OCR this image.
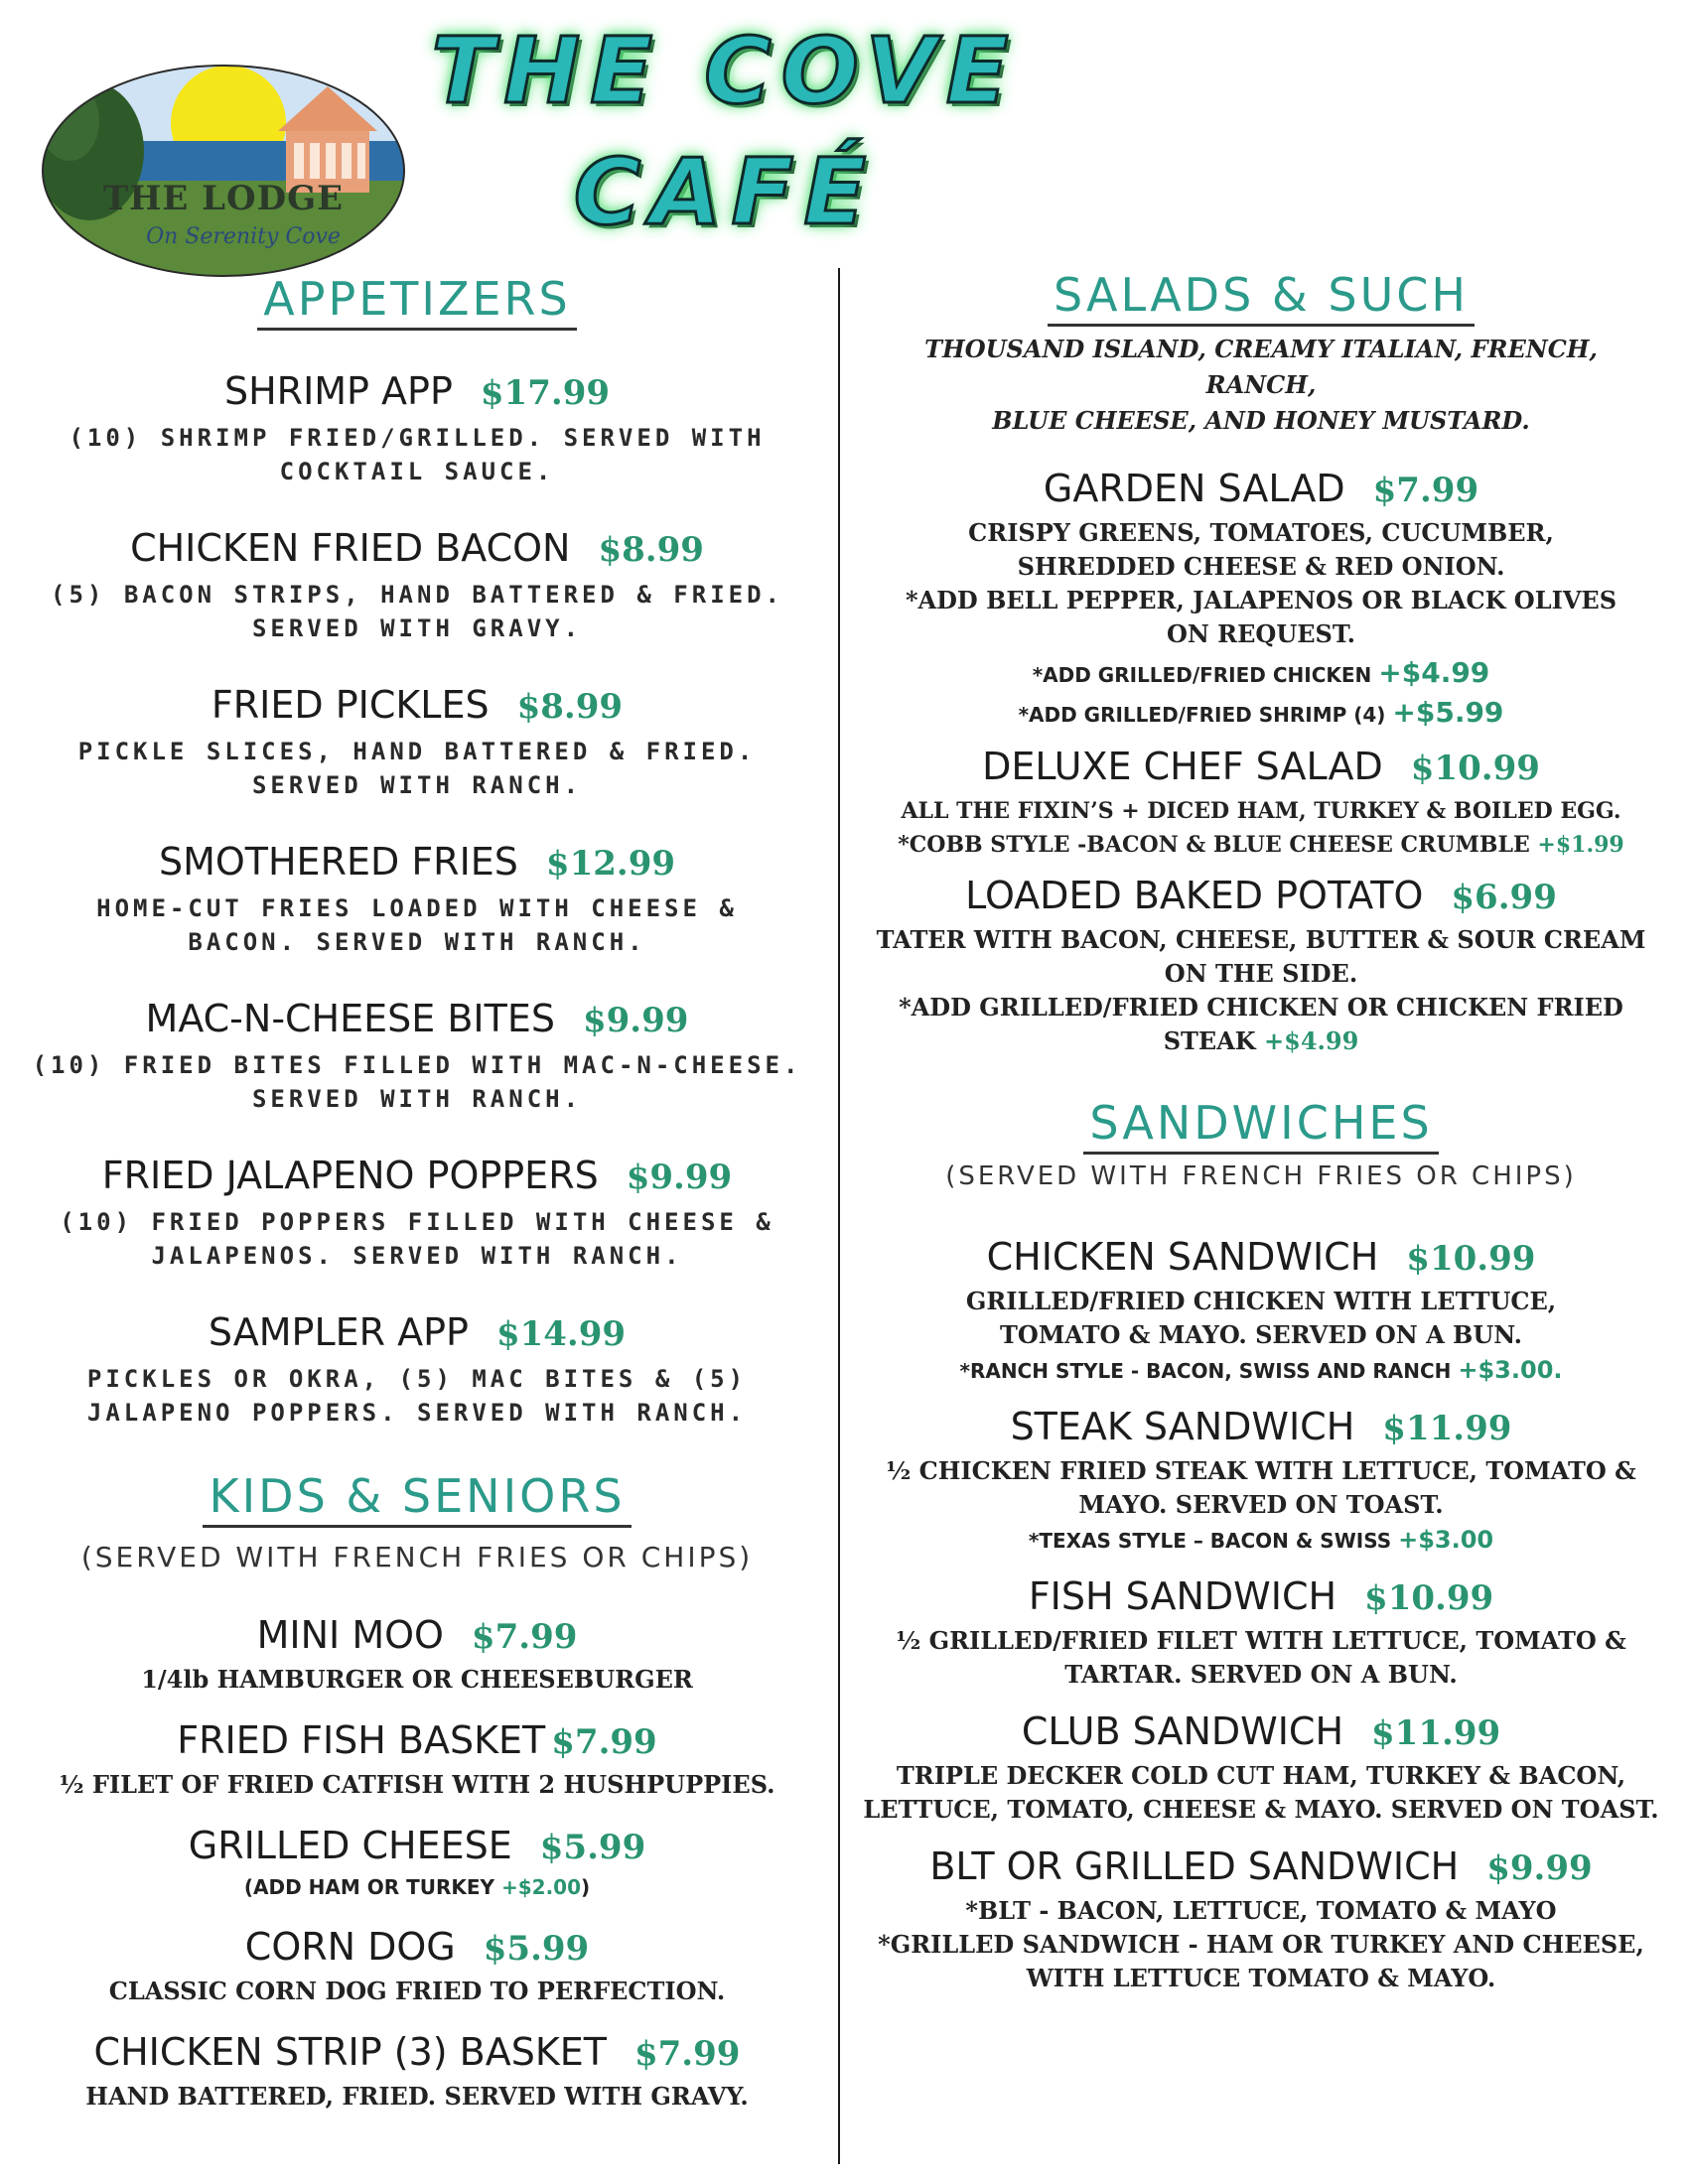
THE LODGE
On Serenity Cove
THE COVE
CAFÉ
APPETIZERS
SHRIMP APP $17.99
(10) SHRIMP FRIED/GRILLED. SERVED WITH
COCKTAIL SAUCE.
CHICKEN FRIED BACON $8.99
(5) BACON STRIPS, HAND BATTERED & FRIED.
SERVED WITH GRAVY.
FRIED PICKLES $8.99
PICKLE SLICES, HAND BATTERED & FRIED.
SERVED WITH RANCH.
SMOTHERED FRIES $12.99
HOME-CUT FRIES LOADED WITH CHEESE &
BACON. SERVED WITH RANCH.
MAC-N-CHEESE BITES $9.99
(10) FRIED BITES FILLED WITH MAC-N-CHEESE.
SERVED WITH RANCH.
FRIED JALAPENO POPPERS $9.99
(10) FRIED POPPERS FILLED WITH CHEESE &
JALAPENOS. SERVED WITH RANCH.
SAMPLER APP $14.99
PICKLES OR OKRA, (5) MAC BITES & (5)
JALAPENO POPPERS. SERVED WITH RANCH.
KIDS & SENIORS
(SERVED WITH FRENCH FRIES OR CHIPS)
MINI MOO $7.99
1/4lb HAMBURGER OR CHEESEBURGER
FRIED FISH BASKET $7.99
½ FILET OF FRIED CATFISH WITH 2 HUSHPUPPIES.
GRILLED CHEESE $5.99
(ADD HAM OR TURKEY +$2.00)
CORN DOG $5.99
CLASSIC CORN DOG FRIED TO PERFECTION.
CHICKEN STRIP (3) BASKET $7.99
HAND BATTERED, FRIED. SERVED WITH GRAVY.
SALADS & SUCH
THOUSAND ISLAND, CREAMY ITALIAN, FRENCH, RANCH,
BLUE CHEESE, AND HONEY MUSTARD.
GARDEN SALAD $7.99
CRISPY GREENS, TOMATOES, CUCUMBER,
SHREDDED CHEESE & RED ONION.
*ADD BELL PEPPER, JALAPENOS OR BLACK OLIVES
ON REQUEST.
*ADD GRILLED/FRIED CHICKEN +$4.99
*ADD GRILLED/FRIED SHRIMP (4) +$5.99
DELUXE CHEF SALAD $10.99
ALL THE FIXIN’S + DICED HAM, TURKEY & BOILED EGG.
*COBB STYLE -BACON & BLUE CHEESE CRUMBLE +$1.99
LOADED BAKED POTATO $6.99
TATER WITH BACON, CHEESE, BUTTER & SOUR CREAM
ON THE SIDE.
*ADD GRILLED/FRIED CHICKEN OR CHICKEN FRIED
STEAK +$4.99
SANDWICHES
(SERVED WITH FRENCH FRIES OR CHIPS)
CHICKEN SANDWICH $10.99
GRILLED/FRIED CHICKEN WITH LETTUCE,
TOMATO & MAYO. SERVED ON A BUN.
*RANCH STYLE - BACON, SWISS AND RANCH +$3.00.
STEAK SANDWICH $11.99
½ CHICKEN FRIED STEAK WITH LETTUCE, TOMATO &
MAYO. SERVED ON TOAST.
*TEXAS STYLE – BACON & SWISS +$3.00
FISH SANDWICH $10.99
½ GRILLED/FRIED FILET WITH LETTUCE, TOMATO &
TARTAR. SERVED ON A BUN.
CLUB SANDWICH $11.99
TRIPLE DECKER COLD CUT HAM, TURKEY & BACON,
LETTUCE, TOMATO, CHEESE & MAYO. SERVED ON TOAST.
BLT OR GRILLED SANDWICH $9.99
*BLT - BACON, LETTUCE, TOMATO & MAYO
*GRILLED SANDWICH - HAM OR TURKEY AND CHEESE,
WITH LETTUCE TOMATO & MAYO.
